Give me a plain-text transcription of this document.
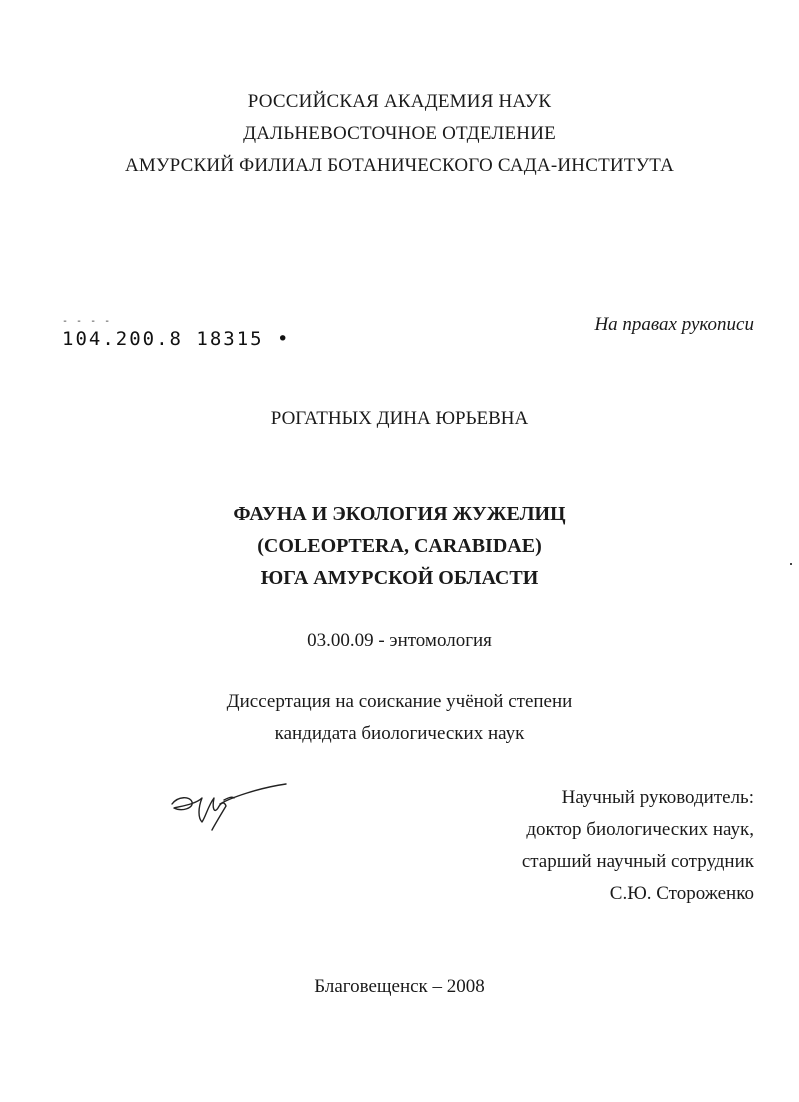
РОССИЙСКАЯ АКАДЕМИЯ НАУК
ДАЛЬНЕВОСТОЧНОЕ ОТДЕЛЕНИЕ
АМУРСКИЙ ФИЛИАЛ БОТАНИЧЕСКОГО САДА-ИНСТИТУТА
На правах рукописи
- - - -
104.200.8 18315 •
РОГАТНЫХ ДИНА ЮРЬЕВНА
ФАУНА И ЭКОЛОГИЯ ЖУЖЕЛИЦ
(COLEOPTERA, CARABIDAE)
ЮГА АМУРСКОЙ ОБЛАСТИ
03.00.09 - энтомология
Диссертация на соискание учёной степени
кандидата биологических наук
Научный руководитель:
доктор биологических наук,
старший научный сотрудник
С.Ю. Стороженко
Благовещенск – 2008
